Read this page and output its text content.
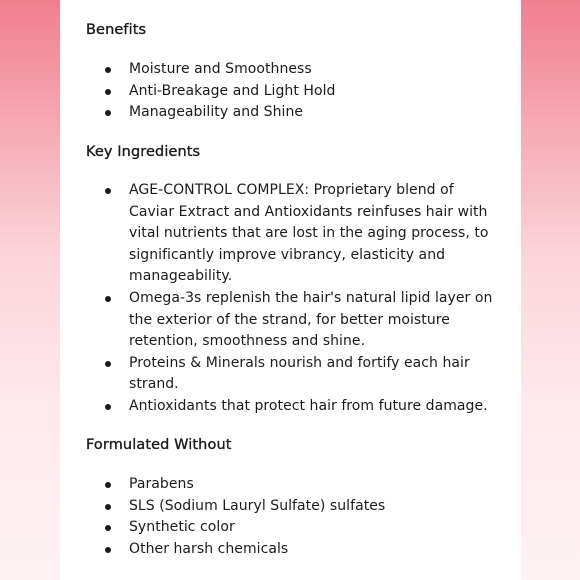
Benefits
Moisture and Smoothness
Anti-Breakage and Light Hold
Manageability and Shine
Key Ingredients
AGE-CONTROL COMPLEX: Proprietary blend of Caviar Extract and Antioxidants reinfuses hair with vital nutrients that are lost in the aging process, to significantly improve vibrancy, elasticity and manageability.
Omega-3s replenish the hair's natural lipid layer on the exterior of the strand, for better moisture retention, smoothness and shine.
Proteins & Minerals nourish and fortify each hair strand.
Antioxidants that protect hair from future damage.
Formulated Without
Parabens
SLS (Sodium Lauryl Sulfate) sulfates
Synthetic color
Other harsh chemicals
